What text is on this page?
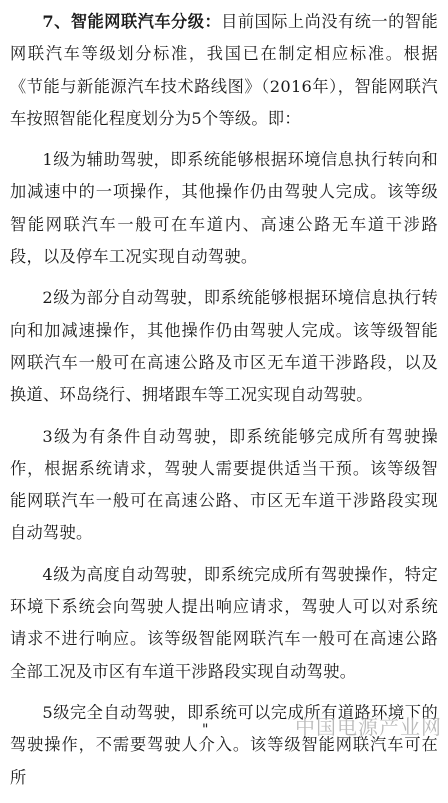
7、智能网联汽车分级：目前国际上尚没有统一的智能网联汽车等级划分标准，我国已在制定相应标准。根据《节能与新能源汽车技术路线图》（2016年），智能网联汽车按照智能化程度划分为5个等级。即：

1级为辅助驾驶，即系统能够根据环境信息执行转向和加减速中的一项操作，其他操作仍由驾驶人完成。该等级智能网联汽车一般可在车道内、高速公路无车道干涉路段，以及停车工况实现自动驾驶。

2级为部分自动驾驶，即系统能够根据环境信息执行转向和加减速操作，其他操作仍由驾驶人完成。该等级智能网联汽车一般可在高速公路及市区无车道干涉路段，以及换道、环岛绕行、拥堵跟车等工况实现自动驾驶。

3级为有条件自动驾驶，即系统能够完成所有驾驶操作，根据系统请求，驾驶人需要提供适当干预。该等级智能网联汽车一般可在高速公路、市区无车道干涉路段实现自动驾驶。

4级为高度自动驾驶，即系统完成所有驾驶操作，特定环境下系统会向驾驶人提出响应请求，驾驶人可以对系统请求不进行响应。该等级智能网联汽车一般可在高速公路全部工况及市区有车道干涉路段实现自动驾驶。

5级完全自动驾驶，即系统可以完成所有道路环境下的驾驶操作，不需要驾驶人介入。该等级智能网联汽车可在所

"	中国电源产业网
